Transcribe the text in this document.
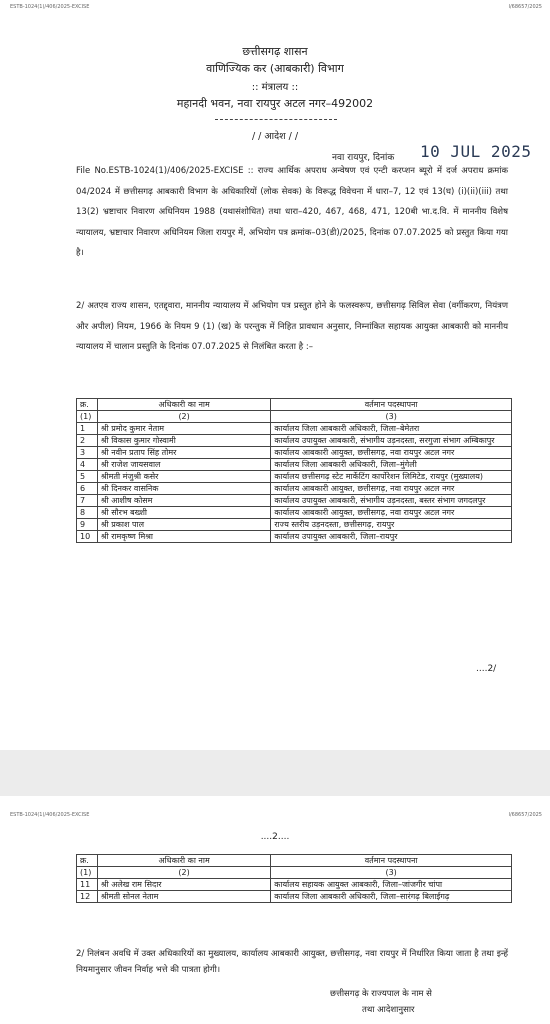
ESTB-1024(1)/406/2025-EXCISE	I/68657/2025
छत्तीसगढ़ शासन
वाणिज्यिक कर (आबकारी) विभाग
:: मंत्रालय ::
महानदी भवन, नवा रायपुर अटल नगर–492002
/ / आदेश / /
नवा रायपुर, दिनांक 10 JUL 2025
File No.ESTB-1024(1)/406/2025-EXCISE :: राज्य आर्थिक अपराध अन्वेषण एवं एन्टी करप्शन ब्यूरो में दर्ज अपराध क्रमांक 04/2024 में छत्तीसगढ़ आबकारी विभाग के अधिकारियों (लोक सेवक) के विरूद्ध विवेचना में धारा–7, 12 एवं 13(घ) (i)(ii)(iii) तथा 13(2) भ्रष्टाचार निवारण अधिनियम 1988 (यथासंशोधित) तथा धारा–420, 467, 468, 471, 120बी भा.द.वि. में माननीय विशेष न्यायालय, भ्रष्टाचार निवारण अधिनियम जिला रायपुर में, अभियोग पत्र क्रमांक–03(डी)/2025, दिनांक 07.07.2025 को प्रस्तुत किया गया है।
2/ अतएव राज्य शासन, एतद्द्वारा, माननीय न्यायालय में अभियोग पत्र प्रस्तुत होने के फलस्वरूप, छत्तीसगढ़ सिविल सेवा (वर्गीकरण, नियंत्रण और अपील) नियम, 1966 के नियम 9 (1) (ख) के परन्तुक में निहित प्रावधान अनुसार, निम्नांकित सहायक आयुक्त आबकारी को माननीय न्यायालय में चालान प्रस्तुति के दिनांक 07.07.2025 से निलंबित करता है :–
क्र.	अधिकारी का नाम	वर्तमान पदस्थापना
(1)	(2)	(3)
1	श्री प्रमोद कुमार नेताम	कार्यालय जिला आबकारी अधिकारी, जिला–बेमेतरा
2	श्री विकास कुमार गोस्वामी	कार्यालय उपायुक्त आबकारी, संभागीय उड़नदस्ता, सरगुजा संभाग अम्बिकापुर
3	श्री नवीन प्रताप सिंह तोमर	कार्यालय आबकारी आयुक्त, छत्तीसगढ़, नवा रायपुर अटल नगर
4	श्री राजेश जायसवाल	कार्यालय जिला आबकारी अधिकारी, जिला–मुंगेली
5	श्रीमती मंजुश्री कसेर	कार्यालय छत्तीसगढ़ स्टेट मार्केटिंग कार्पोरेशन लिमिटेड, रायपुर (मुख्यालय)
6	श्री दिनकर वासनिक	कार्यालय आबकारी आयुक्त, छत्तीसगढ़, नवा रायपुर अटल नगर
7	श्री आशीष कोसम	कार्यालय उपायुक्त आबकारी, संभागीय उड़नदस्ता, बस्तर संभाग जगदलपुर
8	श्री सौरभ बख्शी	कार्यालय आबकारी आयुक्त, छत्तीसगढ़, नवा रायपुर अटल नगर
9	श्री प्रकाश पाल	राज्य स्तरीय उड़नदस्ता, छत्तीसगढ़, रायपुर
10	श्री रामकृष्ण मिश्रा	कार्यालय उपायुक्त आबकारी, जिला–रायपुर
....2/
ESTB-1024(1)/406/2025-EXCISE	I/68657/2025
....2....
क्र.	अधिकारी का नाम	वर्तमान पदस्थापना
(1)	(2)	(3)
11	श्री अलेख राम सिदार	कार्यालय सहायक आयुक्त आबकारी, जिला–जांजगीर चांपा
12	श्रीमती सोनल नेताम	कार्यालय जिला आबकारी अधिकारी, जिला–सारंगढ़ बिलाईगढ़
2/ निलंबन अवधि में उक्त अधिकारियों का मुख्यालय, कार्यालय आबकारी आयुक्त, छत्तीसगढ़, नवा रायपुर में निर्धारित किया जाता है तथा इन्हें नियमानुसार जीवन निर्वाह भत्ते की पात्रता होगी।
छत्तीसगढ़ के राज्यपाल के नाम से
तथा आदेशानुसार
